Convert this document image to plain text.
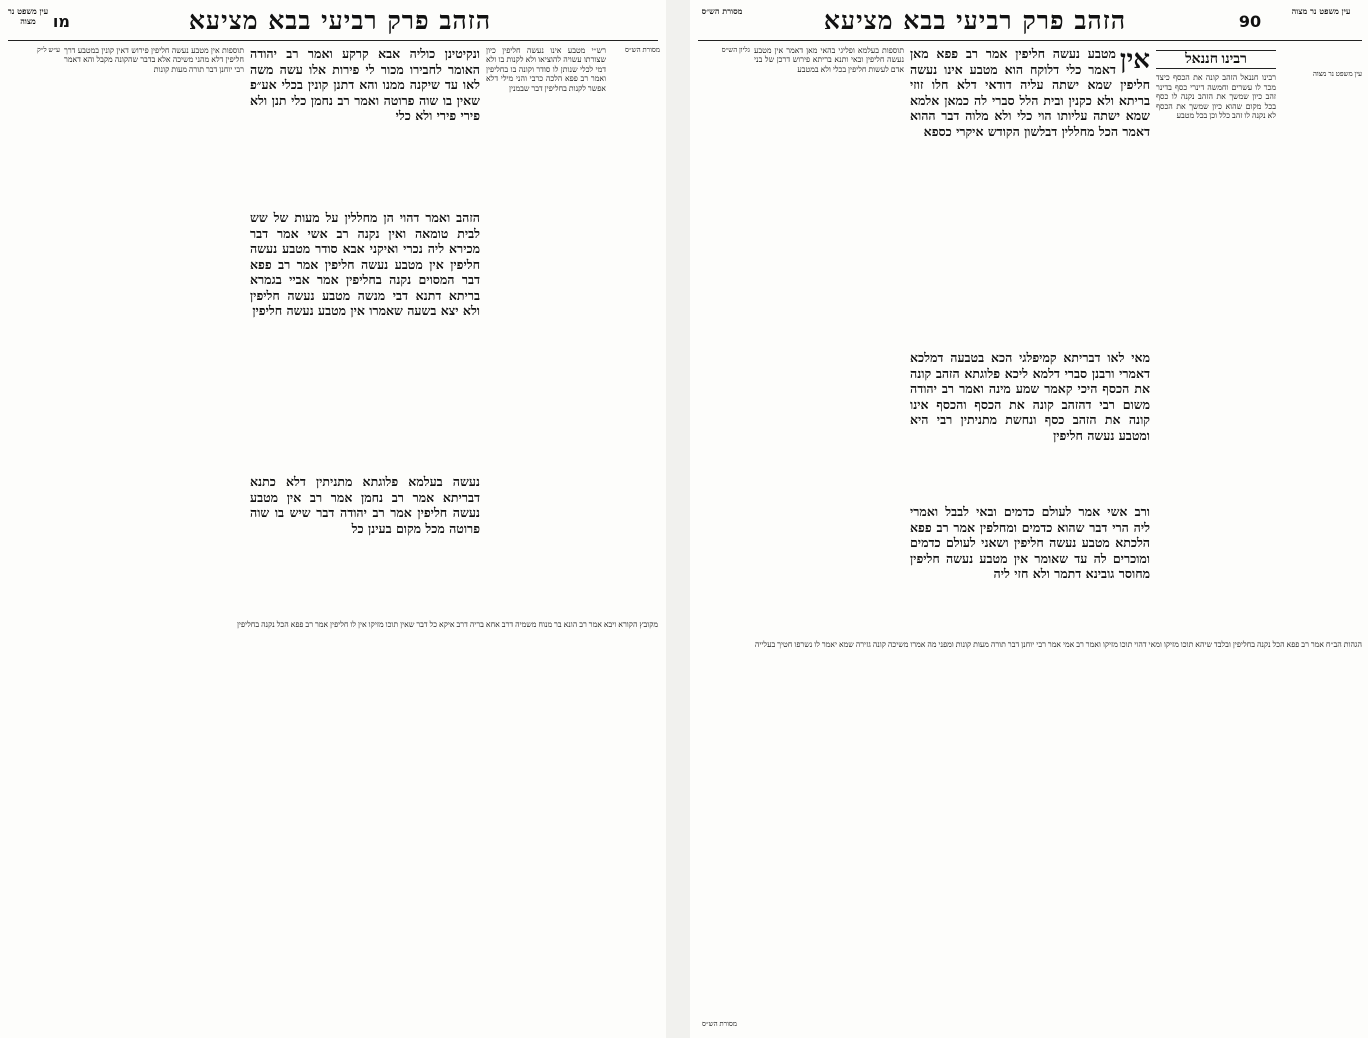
עין משפט נר מצוה	הזהב פרק רביעי בבא מציעא
מו
ע״ש ל״ק תוספות אין מטבע נעשה חליפין פירוש דאין קונין במטבע דרך חליפין דלא מהני משיכה אלא בדבר שהקונה מקבל והא דאמר רבי יוחנן דבר תורה מעות קונות
ונקיטינן כוליה אבא קרקע ואמר רב יהודה האומר לחבירו מכור לי פירות אלו עשה משה לאו עד שיקנה ממנו והא דתנן קונין בכלי אע״פ שאין בו שוה פרוטה ואמר רב נחמן כלי תנן ולא פירי פירי ולא כלי
הזהב ואמר דהוי הן מחללין על מעות של שש לבית טומאה ואין נקנה רב אשי אמר דבר מכירא ליה נכרי ואיקני אבא סודר מטבע נעשה חליפין אין מטבע נעשה חליפין אמר רב פפא דבר המסוים נקנה בחליפין אמר אביי בגמרא בריתא דתנא דבי מנשה מטבע נעשה חליפין ולא יצא בשעה שאמרו אין מטבע נעשה חליפין
נעשה בעלמא פלוגתא מתניתין דלא כתנא דבריתא אמר רב נחמן אמר רב אין מטבע נעשה חליפין אמר רב יהודה דבר שיש בו שוה פרוטה מכל מקום בעינן כל
רש״י מטבע אינו נעשה חליפין כיון שצורתו עשויה להוציאו ולא לקנות בו ולא דמי לכלי שנותן לו סודר וקונה בו בחליפין ואמר רב פפא הלכה כרבי והני מילי דלא אפשר לקנות בחליפין דבר שבמנין
מסורת הש״ס
מקובץ הקורא ויבא אמר רב הונא בר מנוח משמיה דרב אחא בריה דרב איקא כל דבר שאין תוכו מזיקו אין לו חליפין אמר רב פפא הכל נקנה בחליפין
מסורת הש״ס	הזהב פרק רביעי בבא מציעא	90
עין משפט נר מצוה
גליון הש״ס תוספות בעלמא ופליגי בהאי מאן דאמר אין מטבע נעשה חליפין ובאי ותנא בריתא פירוש דרכן של בני אדם לעשות חליפין בכלי ולא במטבע	אין
מטבע נעשה חליפין אמר רב פפא מאן דאמר כלי דלוקח הוא מטבע אינו נעשה חליפין שמא ישתה עליה דודאי דלא חלו זוזי בריתא ולא כקנין ובית הלל סברי לה כמאן אלמא שמא ישתה עליותו הוי כלי ולא מלוה דבר ההוא דאמר הכל מחללין דבלשון הקודש איקרי כספא
מאי לאו דבריתא קמיפלגי הכא בטבעה דמלכא דאמרי ורבנן סברי דלמא ליכא פלוגתא הזהב קונה את הכסף היכי קאמר שמע מינה ואמר רב יהודה משום רבי דהזהב קונה את הכסף והכסף אינו קונה את הזהב כסף ונחשת מתניתין רבי היא ומטבע נעשה חליפין
ורב אשי אמר לעולם כדמים ובאי לבבל ואמרי ליה הרי דבר שהוא כדמים ומחלפין אמר רב פפא הלכתא מטבע נעשה חליפין ושאני לעולם כדמים ומוכרים לה עד שאומר אין מטבע נעשה חליפין מחוסר גובינא דתמר ולא חזי ליה
רבינו חננאל
רבינו חננאל הזהב קונה את הכסף כיצד מכר לו עשרים וחמשה דינרי כסף בדינר זהב כיון שמשך את הזהב נקנה לו כסף בכל מקום שהוא כיון שמשך את הכסף לא נקנה לו זהב כלל וכן בכל מטבע
עין משפט נר מצוה
הגהות הב״ח אמר רב פפא הכל נקנה בחליפין ובלבד שיהא תוכו מזיקו ומאי דהוי תוכו מזיקו ואמר רב אמי אמר רבי יוחנן דבר תורה מעות קונות ומפני מה אמרו משיכה קונה גזירה שמא יאמר לו נשרפו חטיך בעלייה
מסורת הש״ס
